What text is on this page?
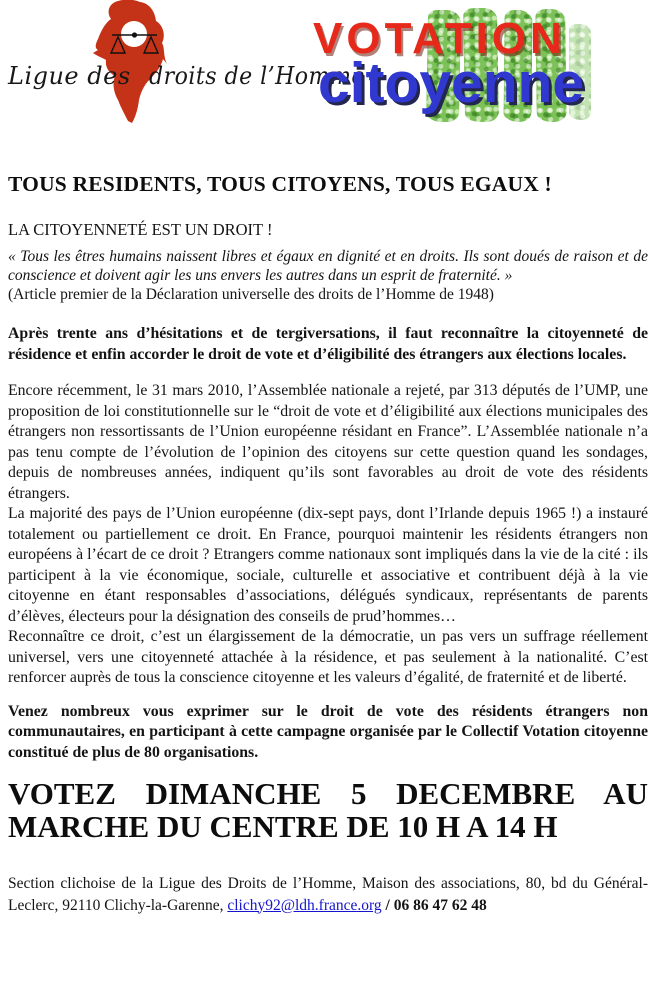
Ligue des droits de l’Homme
VOTATION
citoyenne
TOUS RESIDENTS, TOUS CITOYENS, TOUS EGAUX !

LA CITOYENNETÉ EST UN DROIT !

« Tous les êtres humains naissent libres et égaux en dignité et en droits. Ils sont doués de raison et de conscience et doivent agir les uns envers les autres dans un esprit de fraternité. »

(Article premier de la Déclaration universelle des droits de l’Homme de 1948)

Après trente ans d’hésitations et de tergiversations, il faut reconnaître la citoyenneté de résidence et enfin accorder le droit de vote et d’éligibilité des étrangers aux élections locales.

Encore récemment, le 31 mars 2010, l’Assemblée nationale a rejeté, par 313 députés de l’UMP, une proposition de loi constitutionnelle sur le “droit de vote et d’éligibilité aux élections municipales des étrangers non ressortissants de l’Union européenne résidant en France”. L’Assemblée nationale n’a pas tenu compte de l’évolution de l’opinion des citoyens sur cette question quand les sondages, depuis de nombreuses années, indiquent qu’ils sont favorables au droit de vote des résidents étrangers.

La majorité des pays de l’Union européenne (dix-sept pays, dont l’Irlande depuis 1965 !) a instauré totalement ou partiellement ce droit. En France, pourquoi maintenir les résidents étrangers non européens à l’écart de ce droit ? Etrangers comme nationaux sont impliqués dans la vie de la cité : ils participent à la vie économique, sociale, culturelle et associative et contribuent déjà à la vie citoyenne en étant responsables d’associations, délégués syndicaux, représentants de parents d’élèves, électeurs pour la désignation des conseils de prud’hommes…

Reconnaître ce droit, c’est un élargissement de la démocratie, un pas vers un suffrage réellement universel, vers une citoyenneté attachée à la résidence, et pas seulement à la nationalité. C’est renforcer auprès de tous la conscience citoyenne et les valeurs d’égalité, de fraternité et de liberté.

Venez nombreux vous exprimer sur le droit de vote des résidents étrangers non communautaires, en participant à cette campagne organisée par le Collectif Votation citoyenne constitué de plus de 80 organisations.

VOTEZ DIMANCHE 5 DECEMBRE AU
MARCHE DU CENTRE DE 10 H A 14 H
Section clichoise de la Ligue des Droits de l’Homme, Maison des associations, 80, bd du Général-Leclerc, 92110 Clichy-la-Garenne, clichy92@ldh.france.org / 06 86 47 62 48
